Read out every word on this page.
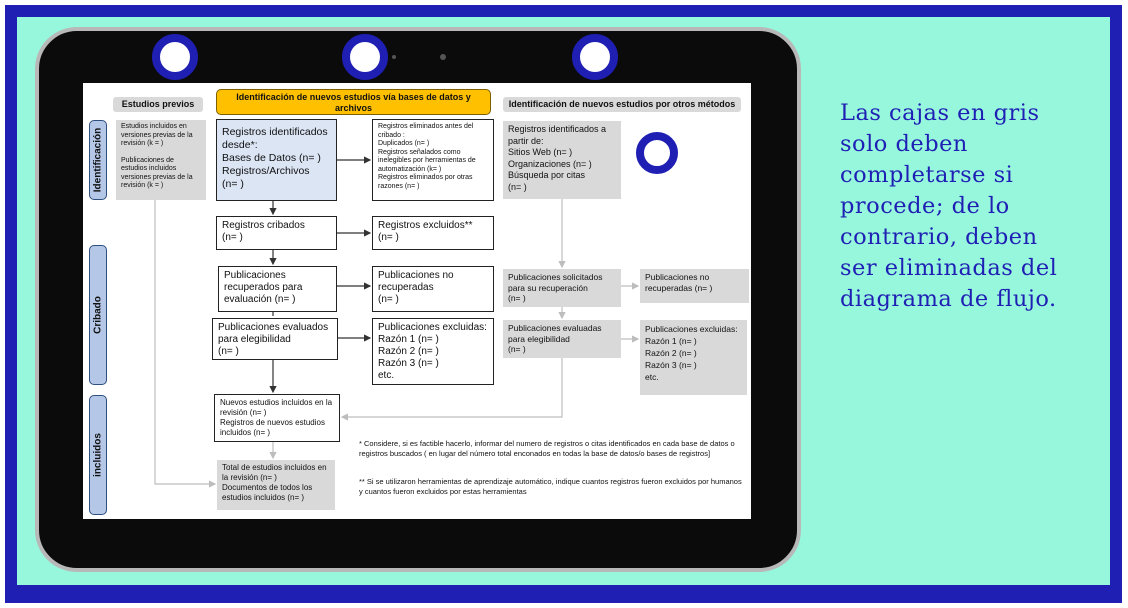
Estudios previos
Identificación de nuevos estudios vía bases de datos y archivos	Identificación de nuevos estudios por otros métodos
Identificación
Cribado
incluidos
Estudios incluidos en versiones previas de la revisión (k = )
Publicaciones de estudios incluidos versiones previas de la revisión (k = )
Registros identificados desde*:
Bases de Datos (n= )
Registros/Archivos
(n= )
Registros eliminados antes del cribado :
Duplicados (n= )
Registros señalados como inelegibles por herramientas de automatización (k= )
Registros eliminados por otras razones (n= )
Registros cribados
(n= )
Registros excluidos**
(n= )
Publicaciones recuperados para evaluación (n= )
Publicaciones no recuperadas
(n= )
Publicaciones evaluados para elegibilidad
(n= )
Publicaciones excluidas:
Razón 1 (n= )
Razón 2 (n= )
Razón 3 (n= )
etc.
Nuevos estudios incluidos en la revisión (n= )
Registros de nuevos estudios incluidos (n= )
Total de estudios incluidos en la revisión (n= )
Documentos de todos los estudios incluidos (n= )
Registros identificados a partir de:
Sitios Web (n= )
Organizaciones (n= )
Búsqueda por citas
(n= )
Publicaciones solicitados para su recuperación
(n= )
Publicaciones no recuperadas (n= )
Publicaciones evaluadas para elegibilidad
(n= )
Publicaciones excluidas:
Razón 1 (n= )
Razón 2 (n= )
Razón 3 (n= )
etc.
* Considere, si es factible hacerlo, informar del numero de registros o citas identificados en cada base de datos o registros buscados ( en lugar del número total enconados en todas la base de datos/o bases de registros]
** Si se utilizaron herramientas de aprendizaje automático, indique cuantos registros fueron excluidos por humanos y cuantos fueron excluidos por estas herramientas
Las cajas en gris solo deben completarse si procede; de lo contrario, deben ser eliminadas del diagrama de flujo.
